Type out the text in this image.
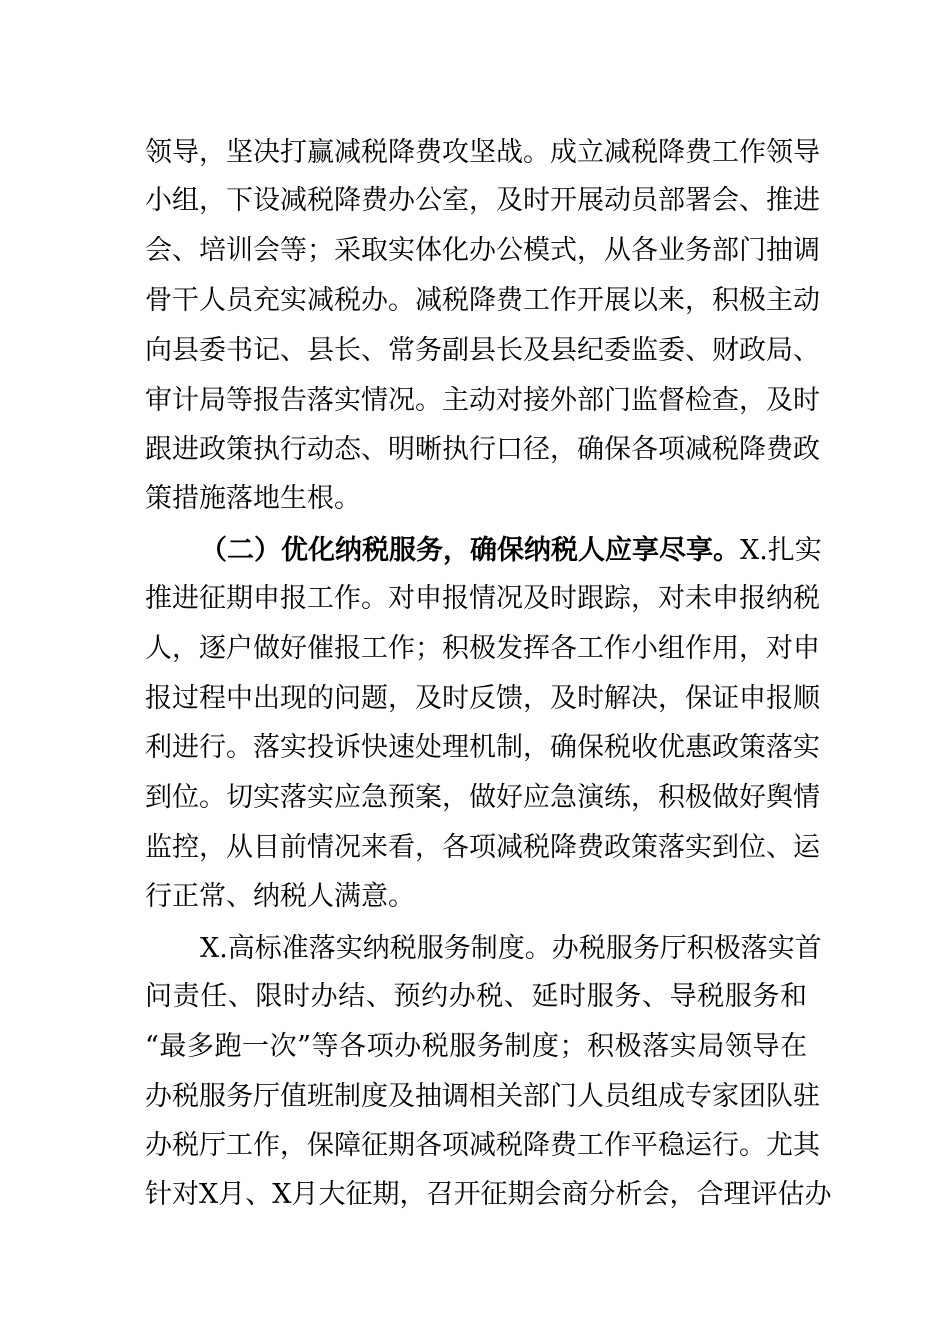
领导，坚决打赢减税降费攻坚战。成立减税降费工作领导
小组，下设减税降费办公室，及时开展动员部署会、推进
会、培训会等；采取实体化办公模式，从各业务部门抽调
骨干人员充实减税办。减税降费工作开展以来，积极主动
向县委书记、县长、常务副县长及县纪委监委、财政局、
审计局等报告落实情况。主动对接外部门监督检查，及时
跟进政策执行动态、明晰执行口径，确保各项减税降费政
策措施落地生根。
（二）优化纳税服务，确保纳税人应享尽享。X.扎实
推进征期申报工作。对申报情况及时跟踪，对未申报纳税
人，逐户做好催报工作；积极发挥各工作小组作用，对申
报过程中出现的问题，及时反馈，及时解决，保证申报顺
利进行。落实投诉快速处理机制，确保税收优惠政策落实
到位。切实落实应急预案，做好应急演练，积极做好舆情
监控，从目前情况来看，各项减税降费政策落实到位、运
行正常、纳税人满意。
X.高标准落实纳税服务制度。办税服务厅积极落实首
问责任、限时办结、预约办税、延时服务、导税服务和
“最多跑一次”等各项办税服务制度；积极落实局领导在
办税服务厅值班制度及抽调相关部门人员组成专家团队驻
办税厅工作，保障征期各项减税降费工作平稳运行。尤其
针对X月、X月大征期，召开征期会商分析会，合理评估办
